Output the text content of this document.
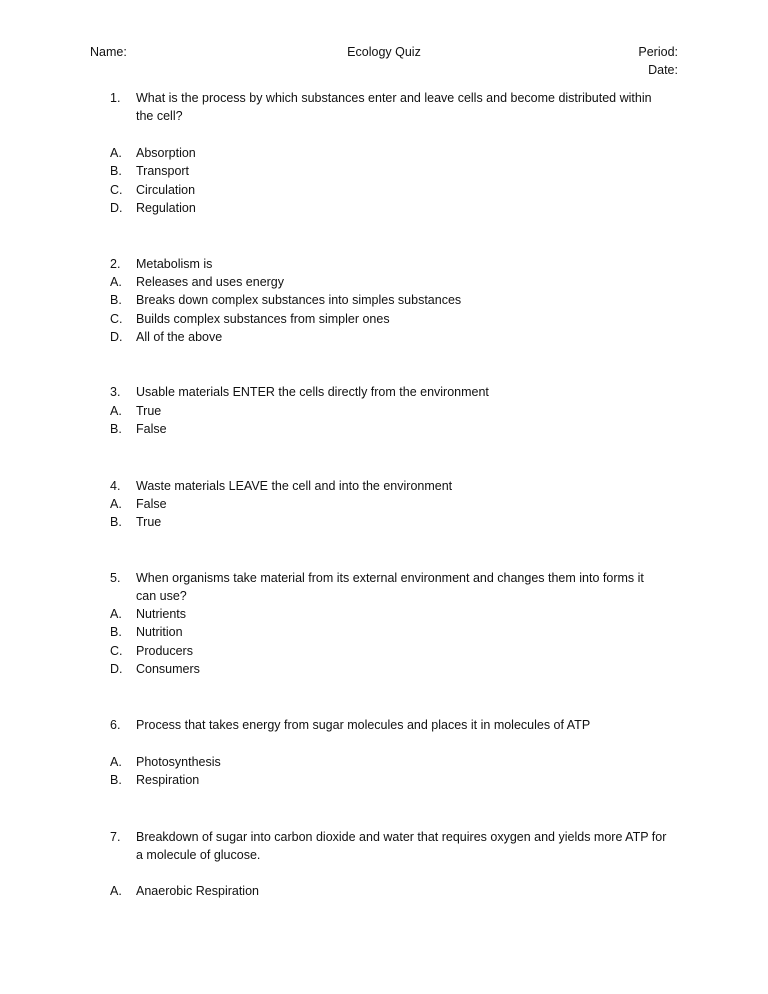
Name:	Ecology Quiz	Period:
Date:
1. What is the process by which substances enter and leave cells and become distributed within
the cell?
A. Absorption
B. Transport
C. Circulation
D. Regulation
2. Metabolism is
A. Releases and uses energy
B. Breaks down complex substances into simples substances
C. Builds complex substances from simpler ones
D. All of the above
3. Usable materials ENTER the cells directly from the environment
A. True
B. False
4. Waste materials LEAVE the cell and into the environment
A. False
B. True
5. When organisms take material from its external environment and changes them into forms it
can use?
A. Nutrients
B. Nutrition
C. Producers
D. Consumers
6. Process that takes energy from sugar molecules and places it in molecules of ATP
A. Photosynthesis
B. Respiration
7. Breakdown of sugar into carbon dioxide and water that requires oxygen and yields more ATP for
a molecule of glucose.
A. Anaerobic Respiration
